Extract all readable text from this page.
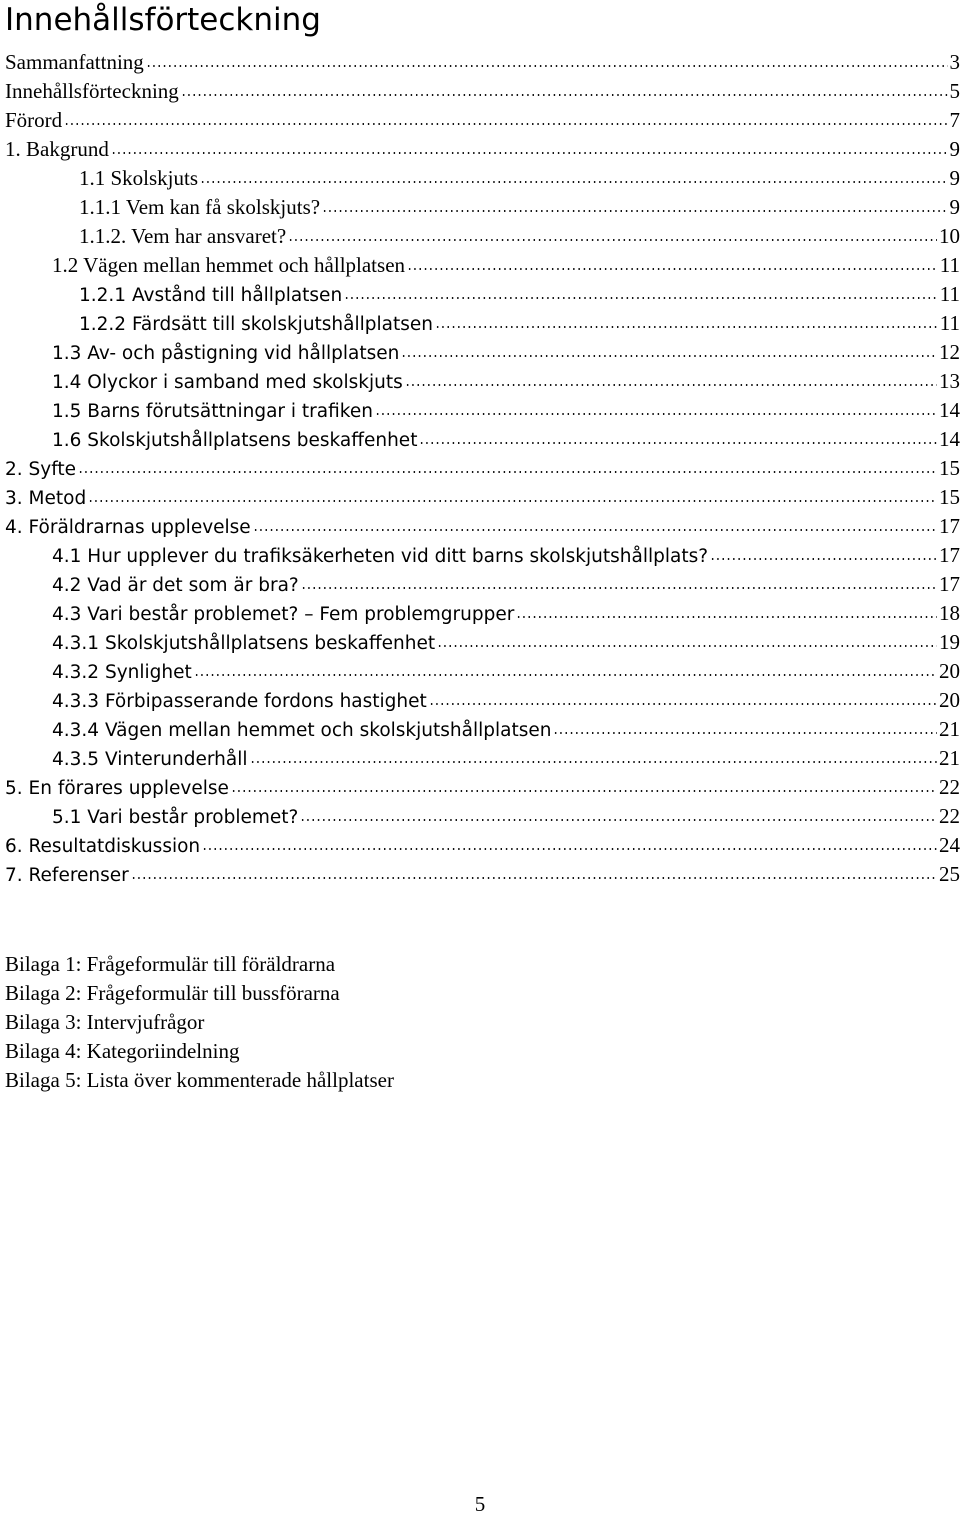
Innehållsförteckning
Sammanfattning	3
Innehållsförteckning	5
Förord	7
1. Bakgrund	9
1.1 Skolskjuts	9
1.1.1 Vem kan få skolskjuts?	9
1.1.2. Vem har ansvaret?	10
1.2 Vägen mellan hemmet och hållplatsen	11
1.2.1 Avstånd till hållplatsen	11
1.2.2 Färdsätt till skolskjutshållplatsen	11
1.3 Av- och påstigning vid hållplatsen	12
1.4 Olyckor i samband med skolskjuts	13
1.5 Barns förutsättningar i trafiken	14
1.6 Skolskjutshållplatsens beskaffenhet	14
2. Syfte	15
3. Metod	15
4. Föräldrarnas upplevelse	17
4.1 Hur upplever du trafiksäkerheten vid ditt barns skolskjutshållplats?	17
4.2 Vad är det som är bra?	17
4.3 Vari består problemet? – Fem problemgrupper	18
4.3.1 Skolskjutshållplatsens beskaffenhet	19
4.3.2 Synlighet	20
4.3.3 Förbipasserande fordons hastighet	20
4.3.4 Vägen mellan hemmet och skolskjutshållplatsen	21
4.3.5 Vinterunderhåll	21
5. En förares upplevelse	22
5.1 Vari består problemet?	22
6. Resultatdiskussion	24
7. Referenser	25
Bilaga 1: Frågeformulär till föräldrarna
Bilaga 2: Frågeformulär till bussförarna
Bilaga 3: Intervjufrågor
Bilaga 4: Kategoriindelning
Bilaga 5: Lista över kommenterade hållplatser
5
